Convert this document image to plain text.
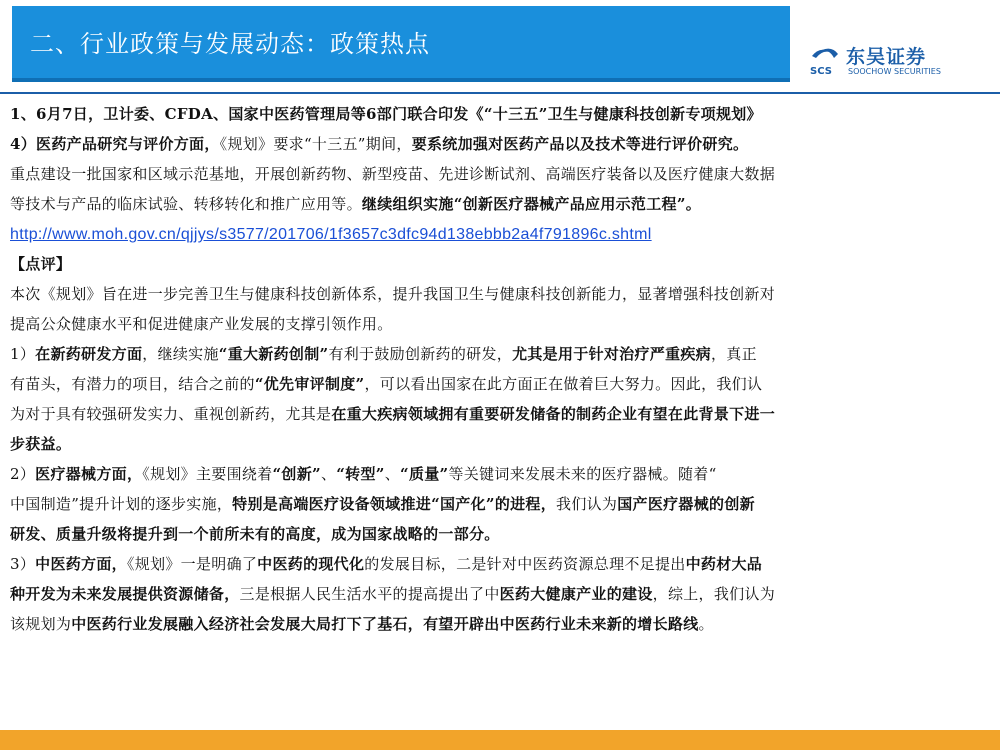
二、行业政策与发展动态：政策热点
SCS
东吴证券
SOOCHOW SECURITIES
1、6月7日，卫计委、CFDA、国家中医药管理局等6部门联合印发《“十三五”卫生与健康科技创新专项规划》
4）医药产品研究与评价方面，《规划》要求“十三五”期间，要系统加强对医药产品以及技术等进行评价研究。
重点建设一批国家和区域示范基地，开展创新药物、新型疫苗、先进诊断试剂、高端医疗装备以及医疗健康大数据
等技术与产品的临床试验、转移转化和推广应用等。继续组织实施“创新医疗器械产品应用示范工程”。
http://www.moh.gov.cn/qjjys/s3577/201706/1f3657c3dfc94d138ebbb2a4f791896c.shtml
【点评】
本次《规划》旨在进一步完善卫生与健康科技创新体系，提升我国卫生与健康科技创新能力，显著增强科技创新对
提高公众健康水平和促进健康产业发展的支撑引领作用。
1）在新药研发方面，继续实施“重大新药创制”有利于鼓励创新药的研发，尤其是用于针对治疗严重疾病，真正
有苗头，有潜力的项目，结合之前的“优先审评制度”，可以看出国家在此方面正在做着巨大努力。因此，我们认
为对于具有较强研发实力、重视创新药，尤其是在重大疾病领域拥有重要研发储备的制药企业有望在此背景下进一
步获益。
2）医疗器械方面，《规划》主要围绕着“创新”、“转型”、“质量”等关键词来发展未来的医疗器械。随着“
中国制造”提升计划的逐步实施，特别是高端医疗设备领域推进“国产化”的进程，我们认为国产医疗器械的创新
研发、质量升级将提升到一个前所未有的高度，成为国家战略的一部分。
3）中医药方面，《规划》一是明确了中医药的现代化的发展目标，二是针对中医药资源总理不足提出中药材大品
种开发为未来发展提供资源储备，三是根据人民生活水平的提高提出了中医药大健康产业的建设，综上，我们认为
该规划为中医药行业发展融入经济社会发展大局打下了基石，有望开辟出中医药行业未来新的增长路线。
